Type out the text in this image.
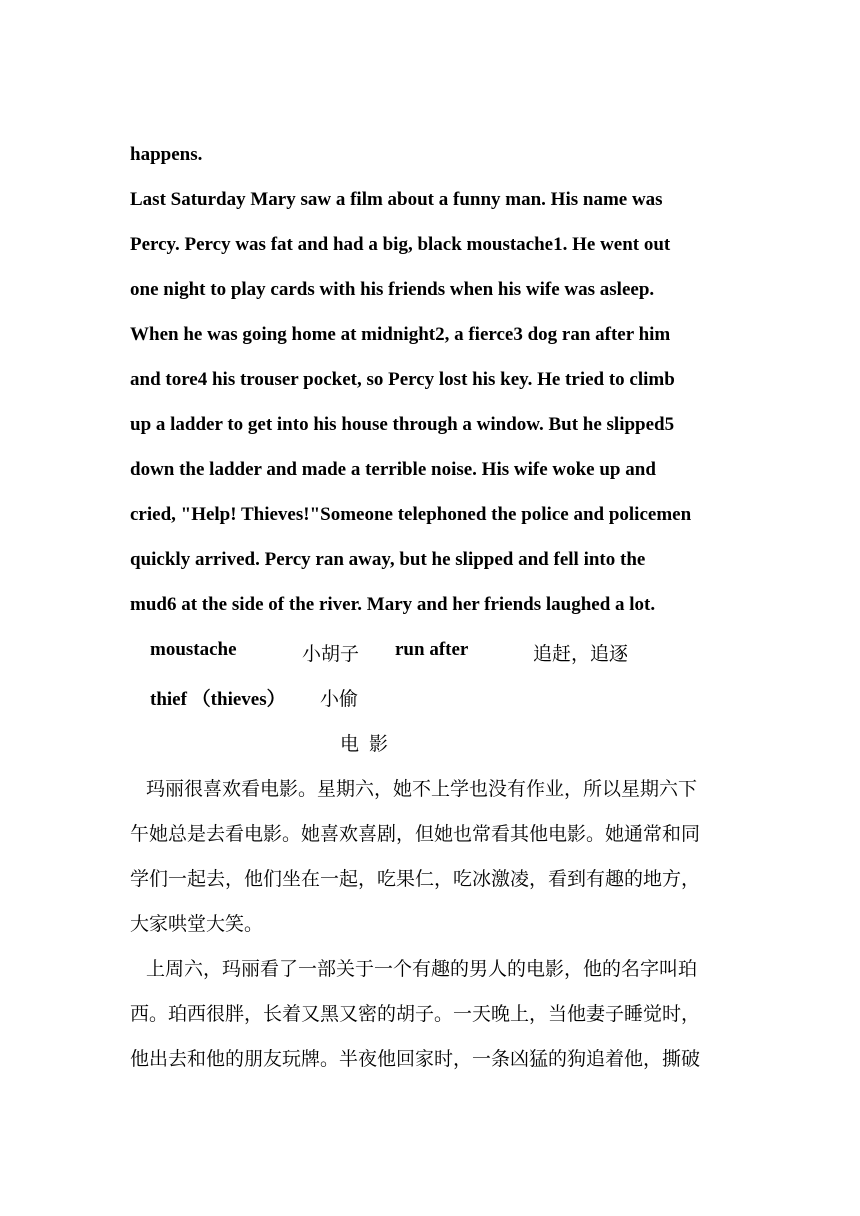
happens.
Last Saturday Mary saw a film about a funny man. His name was
Percy. Percy was fat and had a big, black moustache1. He went out
one night to play cards with his friends when his wife was asleep.
When he was going home at midnight2, a fierce3 dog ran after him
and tore4 his trouser pocket, so Percy lost his key. He tried to climb
up a ladder to get into his house through a window. But he slipped5
down the ladder and made a terrible noise. His wife woke up and
cried, "Help! Thieves!"Someone telephoned the police and policemen
quickly arrived. Percy ran away, but he slipped and fell into the
mud6 at the side of the river. Mary and her friends laughed a lot.
moustache	小胡子 run after	追赶，追逐
thief （thieves） 小偷
电影
玛丽很喜欢看电影。星期六，她不上学也没有作业，所以星期六下
午她总是去看电影。她喜欢喜剧，但她也常看其他电影。她通常和同
学们一起去，他们坐在一起，吃果仁，吃冰激凌，看到有趣的地方，
大家哄堂大笑。
上周六，玛丽看了一部关于一个有趣的男人的电影，他的名字叫珀
西。珀西很胖，长着又黑又密的胡子。一天晚上，当他妻子睡觉时，
他出去和他的朋友玩牌。半夜他回家时，一条凶猛的狗追着他，撕破
